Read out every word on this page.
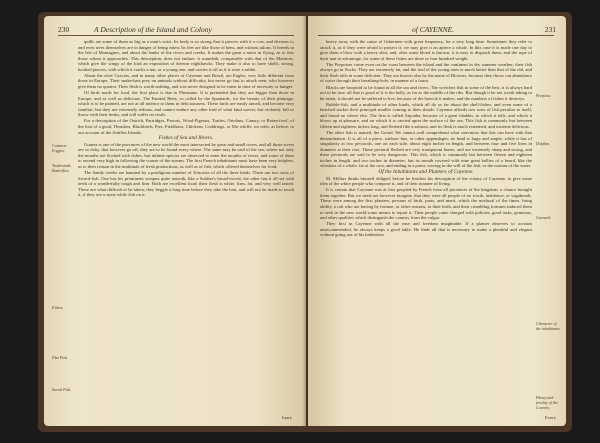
230	A Description of the Island and Colony
Common Fogges.
Tradewinds Butterflies.
Fishes.
Flat Fish.
Sword Fish.

quills are some of them as big as a man's wrist. Its body is so strong that it pierces with it a cow, and devours it; and even trees themselves are in danger of being eaten. Its feet are like those of hens, and without talons. It breeds in the Isle of Montagnes, and about the banks of the rivers and creeks. It makes the great a noise in flying, as to fear those whom it approaches. This description, does not endure, it soundeth, comparable with that of the Marmots, which give the wings of the bird an exposition of diverse nighthawks. They make it also to have shells, strong, hooked pincers, with which it cracks a nut, or a young one, and carries it off as if it were a rabbit.

About the river Gravias, and in many other places of Cayenne and Brazil, are Eagles, very little different from those in Europe. Their snake-bats prey on animals without difficulty, but never go fast to attack men, who however give them no quarter. Their flesh is worth nothing, and was never designed to be eaten in time of necessity or hunger.

Of birds made for food, the first place is due to Pheasants. It is pretended that they are bigger than those in Europe, and as well as delicious. The Painted Hens, so called by the Spaniards, for the beauty of their plumage, which is to be painted, are not at all inferior to them in deliciousness. These birds are easily tamed, and become very familiar; but they are extremely tedious, and cannot endure any other bird of what kind soever, but violently kill or throw with their beaks, and will suffer no rivals.

For a description of the Ostrich, Partridges, Parrots, Wood-Pigeons, Turtles, Ortolans, Canary, or Rotan-fowl, of the first of a good, Thrushes, Blackbirds, Pies, Fieldfares, Chickens, Coddrings, or Mo-whiffs, we refer, as before, to our account of the Antilles Islands.

Fishes of Sea and Rivers.

Guinea is one of the provinces of the new world the most intersected by great and small rivers, and all those rivers are so fishy, that however go off, they are to be found every where. The same may be said of the sea, where not only the mouths are flocked with fishes, but infinite species are observed to enter the mouths of rivers, and some of them to ascend very high in following the course of the stream. The first French inhabitants must have been very helpless, as to their reason in the multitude of fresh productions, as well as of fish, which offered themselves for food.

The Sandy creeks are haunted by a prodigious number of Tortoises of all the three kinds. There are two sorts of Sword-fish. One has his prominent weapon quite smooth, like a Soldier's broad-sword, the other has it all set with teeth of a wonderfully tough and firm. Both are excellent food; their flesh is white, firm, fat, and very well tasted. These are what difficult to be taken; they heggle a long time before they take the bait, and will not be made to touch it, if they see a stone while fish on it.

harry
of CAYENNE.	231

heavy away with the cause of fishermen with great frequency, for a very long time. Sometimes they refer to attack it, as if they were afraid to protect it; we may give it an apiece a whale. In this case it is made one day to give them a blow with a heavy shot, and, after some blood is thrown, it is easy to dispatch them; and the rope of their taut to advantage, for some of these fishes are three or four hundred weight.

The Porpoises come even on the coast between the island and the continent in dry summer weather; their fish always go in flocks. They are extremely fat, and the lard of the young ones is much better than that of the old, and their flesh tolls in some deficient. They are known also by the name of Blowers, because they throw out abundance of water through their breathing-hole, in manner of a fount.

Blacks are boopstid to be found in all the sea and rivers. The wretches fish in some of the best, it is always hard not to be true; all that is good of it is the belly, as far as the middle of the ribs. But though it be not worth taking to be eaten, it should not be suffered to live, because of the havock it makes, and the numbers of fishes it destroys.

Rubble-fish, and a multitude of other kinds, which all do so far about the shell-fishes, and even some of a beached sucker their principal smaller coming to their shoals. Cayenne affords two sorts of fish peculiar to itself, and found no where else. The first is called Anjonba, because of a great bladder, to which it tells, and which it blows up at pleasure, and on which it is carried upon the surface of the sea. This fish is commonly but between fifteen and eighteen inches long, and fleshed like a salmon, and its flesh is much esteemed, and extreme delicious.

The other fish is named, the Gourd. We cannot well comprehend what convinces that this can have with that denomination. It is all of a piece, without fins, or other appendages; its head is large and ample; while it has of singularity at two pectorals, one on each side, about eight inches in length, and between four and five lines in diameter at their root. These pectoral fleshed are very transparent bones, and are extremely sharp and strong, and these pectorals are said to be very dangerous. This fish, which is commonly but between fifteen and eighteen inches in length, and two inches in diameter, has its mouth covered with nine great bellies of a beard, like the whiskers of a whale, far at the root, and ending in a point, waving in the will of the fish, or the motion of the water.

Of the Inhabitants and Planters of Cayenne.

M. Millius thinks himself obliged, before he finishes his description of the colony of Cayenne, to give some idea of the white people who compose it, and of their manner of living.

It is certain that Cayenne was at first peopled by French from all provinces of the kingdom, a chance brought them together. But we need not however imagine, that they were all people of no worth, indolence, or vagabonds. These were among the first planters, persons of birth, parts, and merit, which the misfusal of the times, bring ability, a raft who are having by fortune, or other reasons, to their birth, and their crumbling fortunes induced them to seek in the new world some means to repair it. Their people came charged with policies, good tasks, generous, and other qualities which distinguish the country from the vulgar.

They first in Cayenne with all the ease and freedom imaginable. If a planter deserves to account unrecommended, he always keeps a good table. He finds all that is necessary to make a plentiful and elegant without going out of his habitation.

Porpoise.
Dolphin.
Gurnard.
Character of the inhabitants.
Plenty and fertility of the Country.
Every
